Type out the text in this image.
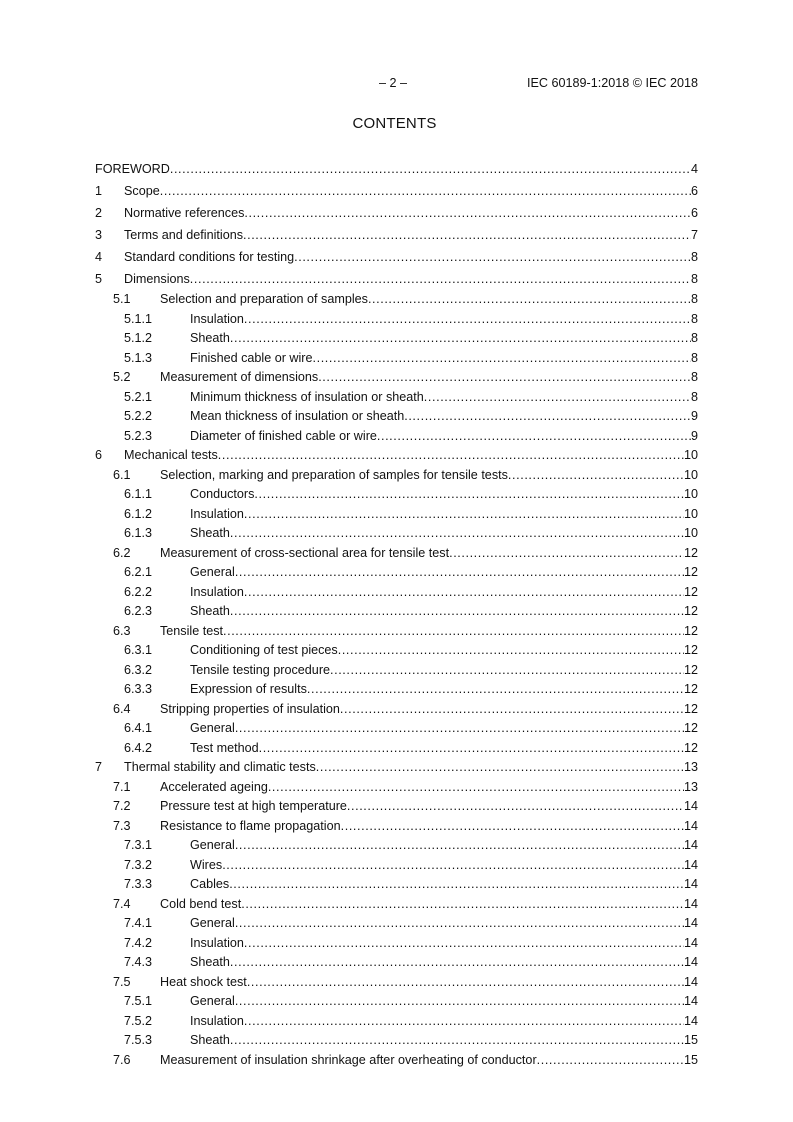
– 2 –	IEC 60189-1:2018 © IEC 2018
CONTENTS
FOREWORD .....	4
1	Scope .....	6
2	Normative references .....	6
3	Terms and definitions .....	7
4	Standard conditions for testing .....	8
5	Dimensions .....	8
5.1	Selection and preparation of samples .....	8
5.1.1	Insulation .....	8
5.1.2	Sheath .....	8
5.1.3	Finished cable or wire .....	8
5.2	Measurement of dimensions .....	8
5.2.1	Minimum thickness of insulation or sheath .....	8
5.2.2	Mean thickness of insulation or sheath .....	9
5.2.3	Diameter of finished cable or wire .....	9
6	Mechanical tests .....	10
6.1	Selection, marking and preparation of samples for tensile tests .....	10
6.1.1	Conductors .....	10
6.1.2	Insulation .....	10
6.1.3	Sheath .....	10
6.2	Measurement of cross-sectional area for tensile test .....	12
6.2.1	General .....	12
6.2.2	Insulation .....	12
6.2.3	Sheath .....	12
6.3	Tensile test .....	12
6.3.1	Conditioning of test pieces .....	12
6.3.2	Tensile testing procedure .....	12
6.3.3	Expression of results .....	12
6.4	Stripping properties of insulation .....	12
6.4.1	General .....	12
6.4.2	Test method .....	12
7	Thermal stability and climatic tests .....	13
7.1	Accelerated ageing .....	13
7.2	Pressure test at high temperature .....	14
7.3	Resistance to flame propagation .....	14
7.3.1	General .....	14
7.3.2	Wires .....	14
7.3.3	Cables .....	14
7.4	Cold bend test .....	14
7.4.1	General .....	14
7.4.2	Insulation .....	14
7.4.3	Sheath .....	14
7.5	Heat shock test .....	14
7.5.1	General .....	14
7.5.2	Insulation .....	14
7.5.3	Sheath .....	15
7.6	Measurement of insulation shrinkage after overheating of conductor .....	15
